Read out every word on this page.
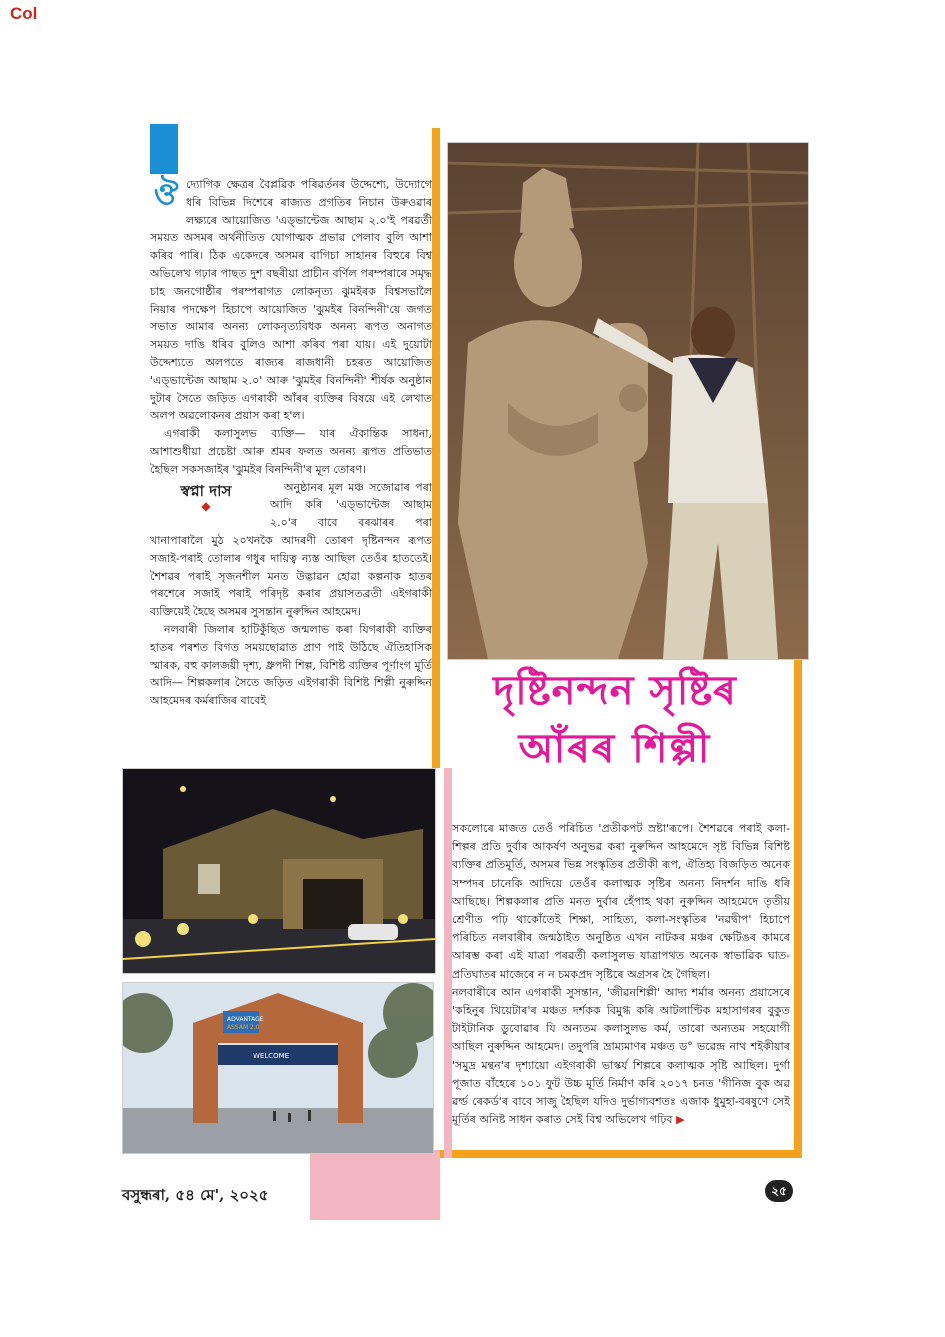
Col
ঔ দ্যোগিক ক্ষেত্ৰৰ বৈপ্লৱিক পৰিৱৰ্তনৰ উদ্দেশ্যে, উদ্যোগে ধৰি বিভিন্ন দিশেৰে ৰাজ্যত প্ৰগতিৰ নিচান উৰুওৱাৰ লক্ষ্যৰে আয়োজিত 'এড্‌ভান্টেজ আছাম ২.০'ই পৰৱৰ্তী সময়ত অসমৰ অৰ্থনীতিত যোগাত্মক প্ৰভাৱ পেলাব বুলি আশা কৰিব পাৰি। ঠিক একেদৰে অসমৰ বাগিচা সাহানৰ বিহুৰে বিশ্ব অভিলেখ গঢ়াৰ পাছত দুশ বছৰীয়া প্ৰাচীন বৰ্ণিল পৰম্পৰাৰে সমৃদ্ধ চাহ জনগোষ্ঠীৰ পৰম্পৰাগত লোকনৃত্য ঝুমইৰক বিশ্বসভালৈ নিয়াৰ পদক্ষেপ হিচাপে আয়োজিত 'ঝুমইৰ বিনন্দিনী'য়ে জগত সভাত আমাৰ অনন্য লোকনৃত্যবিধক অনন্য ৰূপত অনাগত সময়ত দাঙি ধৰিব বুলিও আশা কৰিব পৰা যায়। এই দুয়োটা উদ্দেশ্যতে অলপতে ৰাজ্যৰ ৰাজধানী চহৰত আয়োজিত 'এড্‌ভান্টেজ আছাম ২.০' আৰু 'ঝুমইৰ বিনন্দিনী' শীৰ্ষক অনুষ্ঠান দুটাৰ সৈতে জড়িত এগৰাকী আঁৰৰ ব্যক্তিৰ বিষয়ে এই লেখাত অলপ অৱলোকনৰ প্ৰয়াস কৰা হ'ল।

এগৰাকী কলাসুলভ ব্যক্তি— যাৰ ঐকান্তিক সাধনা, আশাশুধীয়া প্ৰচেষ্টা আৰু শ্ৰমৰ ফলত অনন্য ৰূপত প্ৰতিভাত হৈছিল সকসজাইৰ 'ঝুমইৰ বিনন্দিনী'ৰ মূল তোৰণ।

স্বপ্না দাস
◆

অনুষ্ঠানৰ মূল মঞ্চ সজোৱাৰ পৰা আদি কৰি 'এড্‌ভান্টেজ আছাম ২.০'ৰ বাবে বৰঝাৰৰ পৰা খানাপাৰালৈ মুঠ ২০খনকৈ আদৰণী তোৰণ দৃষ্টিনন্দন ৰূপত সজাই-পৰাই তোলাৰ গধুৰ দায়িত্ব ন্যস্ত আছিল তেওঁৰ হাততেই। শৈশৱৰ পৰাই সৃজনশীল মনত উদ্ভাৱন হোৱা কল্পনাক হাতৰ পৰশেৰে সজাই পৰাই পৰিদৃষ্ট কৰাৰ প্ৰয়াসতব্ৰতী এইগৰাকী ব্যক্তিয়েই হৈছে অসমৰ সুসন্তান নুৰুদ্দিন আহমেদ।

নলবাৰী জিলাৰ হাটিকুঁছিত জন্মলাভ কৰা যিগৰাকী ব্যক্তিৰ হাতৰ পৰশত বিগত সময়ছোৱাত প্ৰাণ পাই উঠিছে ঐতিহাসিক স্মাৰক, বহু কালজয়ী দৃশ্য, ধ্ৰুপদী শিল্প, বিশিষ্ট ব্যক্তিৰ পূৰ্ণাংগ মূৰ্তি আদি— শিল্পকলাৰ সৈতে জড়িত এইগৰাকী বিশিষ্ট শিল্পী নুৰুদ্দিন আহমেদৰ কৰ্মৰাজিৰ বাবেই	দৃষ্টিনন্দন সৃষ্টিৰ
আঁৰৰ শিল্পী
ADVANTAGE
ASSAM 2.0
WELCOME

সকলোৰে মাজত তেওঁ পৰিচিত 'প্ৰতীকপট স্ৰষ্টা'ৰূপে। শৈশৱৰে পৰাই কলা-শিল্পৰ প্ৰতি দুৰ্বাৰ আকৰ্ষণ অনুভৱ কৰা নুৰুদ্দিন আহমেদে সৃষ্ট বিভিন্ন বিশিষ্ট ব্যক্তিৰ প্ৰতিমূৰ্তি, অসমৰ ভিন্ন সংস্কৃতিৰ প্ৰতীকী ৰূপ, ঐতিহ্য বিজড়িত অনেক সম্পদৰ চানেকি আদিয়ে তেওঁৰ কলাত্মক সৃষ্টিৰ অনন্য নিদৰ্শন দাঙি ধৰি আছিছে। শিল্পকলাৰ প্ৰতি মনত দুৰ্বাৰ হেঁপাহ থকা নুৰুদ্দিন আহমেদে তৃতীয় শ্ৰেণীত পঢ়ি থাকোঁতেই শিক্ষা, সাহিত্য, কলা-সংস্কৃতিৰ 'নৱদ্বীপ' হিচাপে পৰিচিত নলবাৰীৰ জন্মঠাইত অনুষ্ঠিত এখন নাটকৰ মঞ্চৰ ক্ষেটিঙৰ কামৰে আৰম্ভ কৰা এই যাত্ৰা পৰৱৰ্তী কলাসুলভ যাত্ৰাপথত অনেক স্বাভাৱিক ঘাত-প্ৰতিঘাতৰ মাজেৰে ন ন চমকপ্ৰদ সৃষ্টিৰে অগ্ৰসৰ হৈ গৈছিল।

নলবাৰীৰে আন এগৰাকী সুসন্তান, 'জীৱনশিল্পী' আদ্য শৰ্মাৰ অনন্য প্ৰয়াসেৰে 'কহিনুৰ থিয়েটাৰ'ৰ মঞ্চত দৰ্শকক বিমুগ্ধ কৰি আটলাণ্টিক মহাসাগৰৰ বুকুত টাইটানিক ডুবোৱাৰ যি অন্যতম কলাসুলভ কৰ্ম, তাৰো অন্যতম সহযোগী আছিল নুৰুদ্দিন আহমেদ। তদুপৰি ভ্ৰাম্যমাণৰ মঞ্চত ড° ভৱেন্দ্ৰ নাথ শইকীয়াৰ 'সমুদ্ৰ মন্থন'ৰ দৃশ্যায়ো এইগৰাকী ভাস্কৰ্য শিল্পৰে কলাত্মক সৃষ্টি আছিল। দুৰ্গা পূজাত বাঁহেৰে ১০১ ফুট উচ্চ মূৰ্তি নিৰ্মাণ কৰি ২০১৭ চনত 'গীনিজ বুক অৱ ৱৰ্ল্ড ৰেকৰ্ড'ৰ বাবে সাজু হৈছিল যদিও দুৰ্ভাগ্যবশতঃ এজাক ধুমুহা-বৰষুণে সেই মূৰ্তিৰ অনিষ্ট সাধন কৰাত সেই বিশ্ব অভিলেখ গঢ়িব ▶

বসুন্ধৰা, ৫৪ মে', ২০২৫	২৫
